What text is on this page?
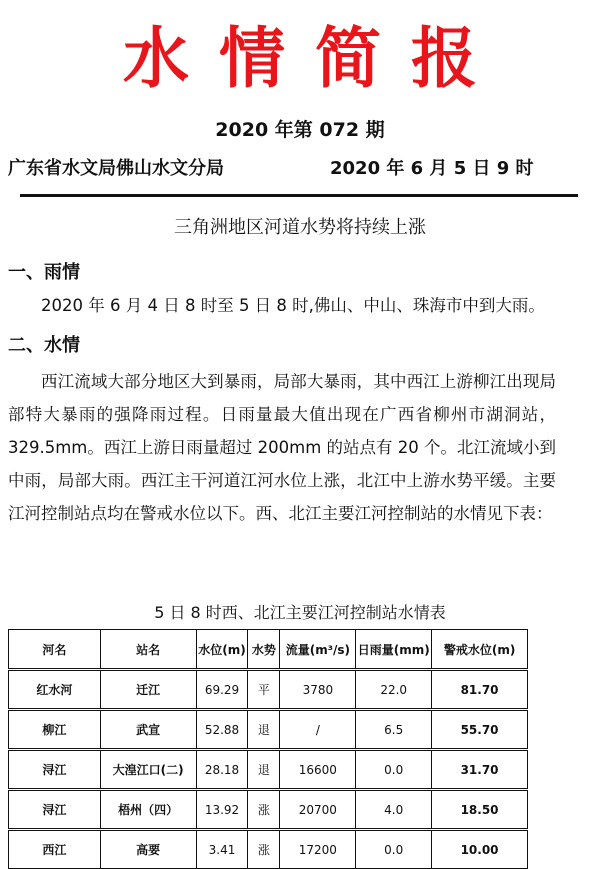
水情简报
2020 年第 072 期
广东省水文局佛山水文分局	2020 年 6 月 5 日 9 时
三角洲地区河道水势将持续上涨
一、雨情
2020 年 6 月 4 日 8 时至 5 日 8 时,佛山、中山、珠海市中到大雨。
二、水情
西江流域大部分地区大到暴雨，局部大暴雨，其中西江上游柳江出现局部特大暴雨的强降雨过程。日雨量最大值出现在广西省柳州市湖洞站，329.5mm。西江上游日雨量超过 200mm 的站点有 20 个。北江流域小到中雨，局部大雨。西江主干河道江河水位上涨，北江中上游水势平缓。主要江河控制站点均在警戒水位以下。西、北江主要江河控制站的水情见下表：
5 日 8 时西、北江主要江河控制站水情表
河名	站名	水位(m)	水势	流量(m³/s)	日雨量(mm)	警戒水位(m)
红水河	迁江	69.29	平	3780	22.0	81.70
柳江	武宣	52.88	退	/	6.5	55.70
浔江	大湟江口(二)	28.18	退	16600	0.0	31.70
浔江	梧州（四）	13.92	涨	20700	4.0	18.50
西江	高要	3.41	涨	17200	0.0	10.00
